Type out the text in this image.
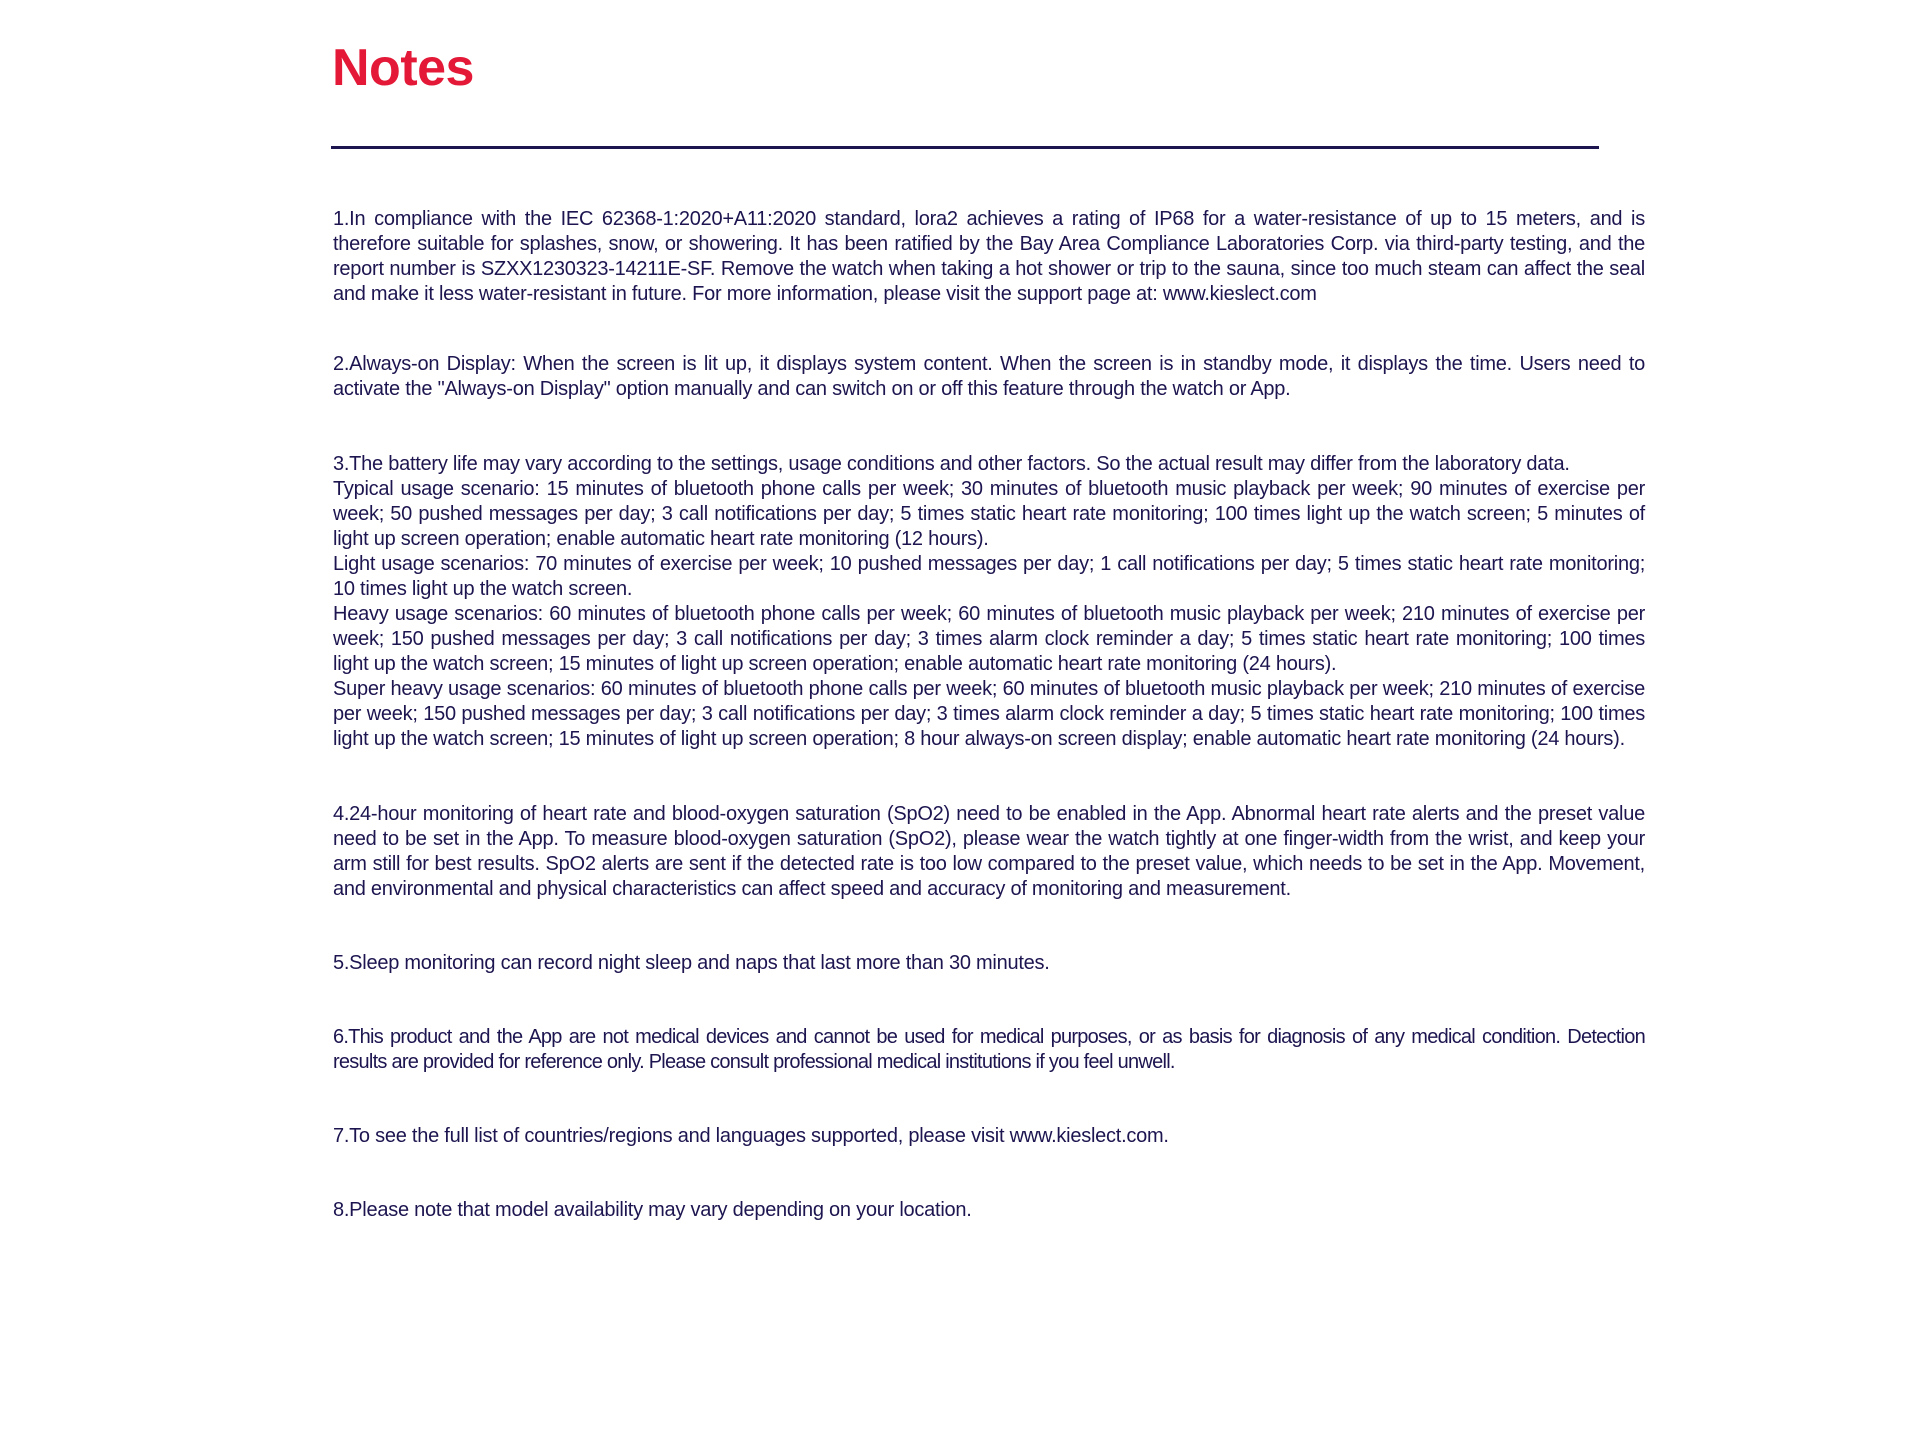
Notes

1.In compliance with the IEC 62368-1:2020+A11:2020 standard, lora2 achieves a rating of IP68 for a water-resistance of up to 15 meters, and is therefore suitable for splashes, snow, or showering. It has been ratified by the Bay Area Compliance Laboratories Corp. via third-party testing, and the report number is SZXX1230323-14211E-SF. Remove the watch when taking a hot shower or trip to the sauna, since too much steam can affect the seal and make it less water-resistant in future. For more information, please visit the support page at: www.kieslect.com

2.Always-on Display: When the screen is lit up, it displays system content. When the screen is in standby mode, it displays the time. Users need to activate the "Always-on Display" option manually and can switch on or off this feature through the watch or App.

3.The battery life may vary according to the settings, usage conditions and other factors. So the actual result may differ from the laboratory data.

Typical usage scenario: 15 minutes of bluetooth phone calls per week; 30 minutes of bluetooth music playback per week; 90 minutes of exercise per week; 50 pushed messages per day; 3 call notifications per day; 5 times static heart rate monitoring; 100 times light up the watch screen; 5 minutes of light up screen operation; enable automatic heart rate monitoring (12 hours).

Light usage scenarios: 70 minutes of exercise per week; 10 pushed messages per day; 1 call notifications per day; 5 times static heart rate monitoring; 10 times light up the watch screen.

Heavy usage scenarios: 60 minutes of bluetooth phone calls per week; 60 minutes of bluetooth music playback per week; 210 minutes of exercise per week; 150 pushed messages per day; 3 call notifications per day; 3 times alarm clock reminder a day; 5 times static heart rate monitoring; 100 times light up the watch screen; 15 minutes of light up screen operation; enable automatic heart rate monitoring (24 hours).

Super heavy usage scenarios: 60 minutes of bluetooth phone calls per week; 60 minutes of bluetooth music playback per week; 210 minutes of exercise per week; 150 pushed messages per day; 3 call notifications per day; 3 times alarm clock reminder a day; 5 times static heart rate monitoring; 100 times light up the watch screen; 15 minutes of light up screen operation; 8 hour always-on screen display; enable automatic heart rate monitoring (24 hours).

4.24-hour monitoring of heart rate and blood-oxygen saturation (SpO2) need to be enabled in the App. Abnormal heart rate alerts and the preset value need to be set in the App. To measure blood-oxygen saturation (SpO2), please wear the watch tightly at one finger-width from the wrist, and keep your arm still for best results. SpO2 alerts are sent if the detected rate is too low compared to the preset value, which needs to be set in the App. Movement, and environmental and physical characteristics can affect speed and accuracy of monitoring and measurement.

5.Sleep monitoring can record night sleep and naps that last more than 30 minutes.

6.This product and the App are not medical devices and cannot be used for medical purposes, or as basis for diagnosis of any medical condition. Detection results are provided for reference only. Please consult professional medical institutions if you feel unwell.

7.To see the full list of countries/regions and languages supported, please visit www.kieslect.com.

8.Please note that model availability may vary depending on your location.
